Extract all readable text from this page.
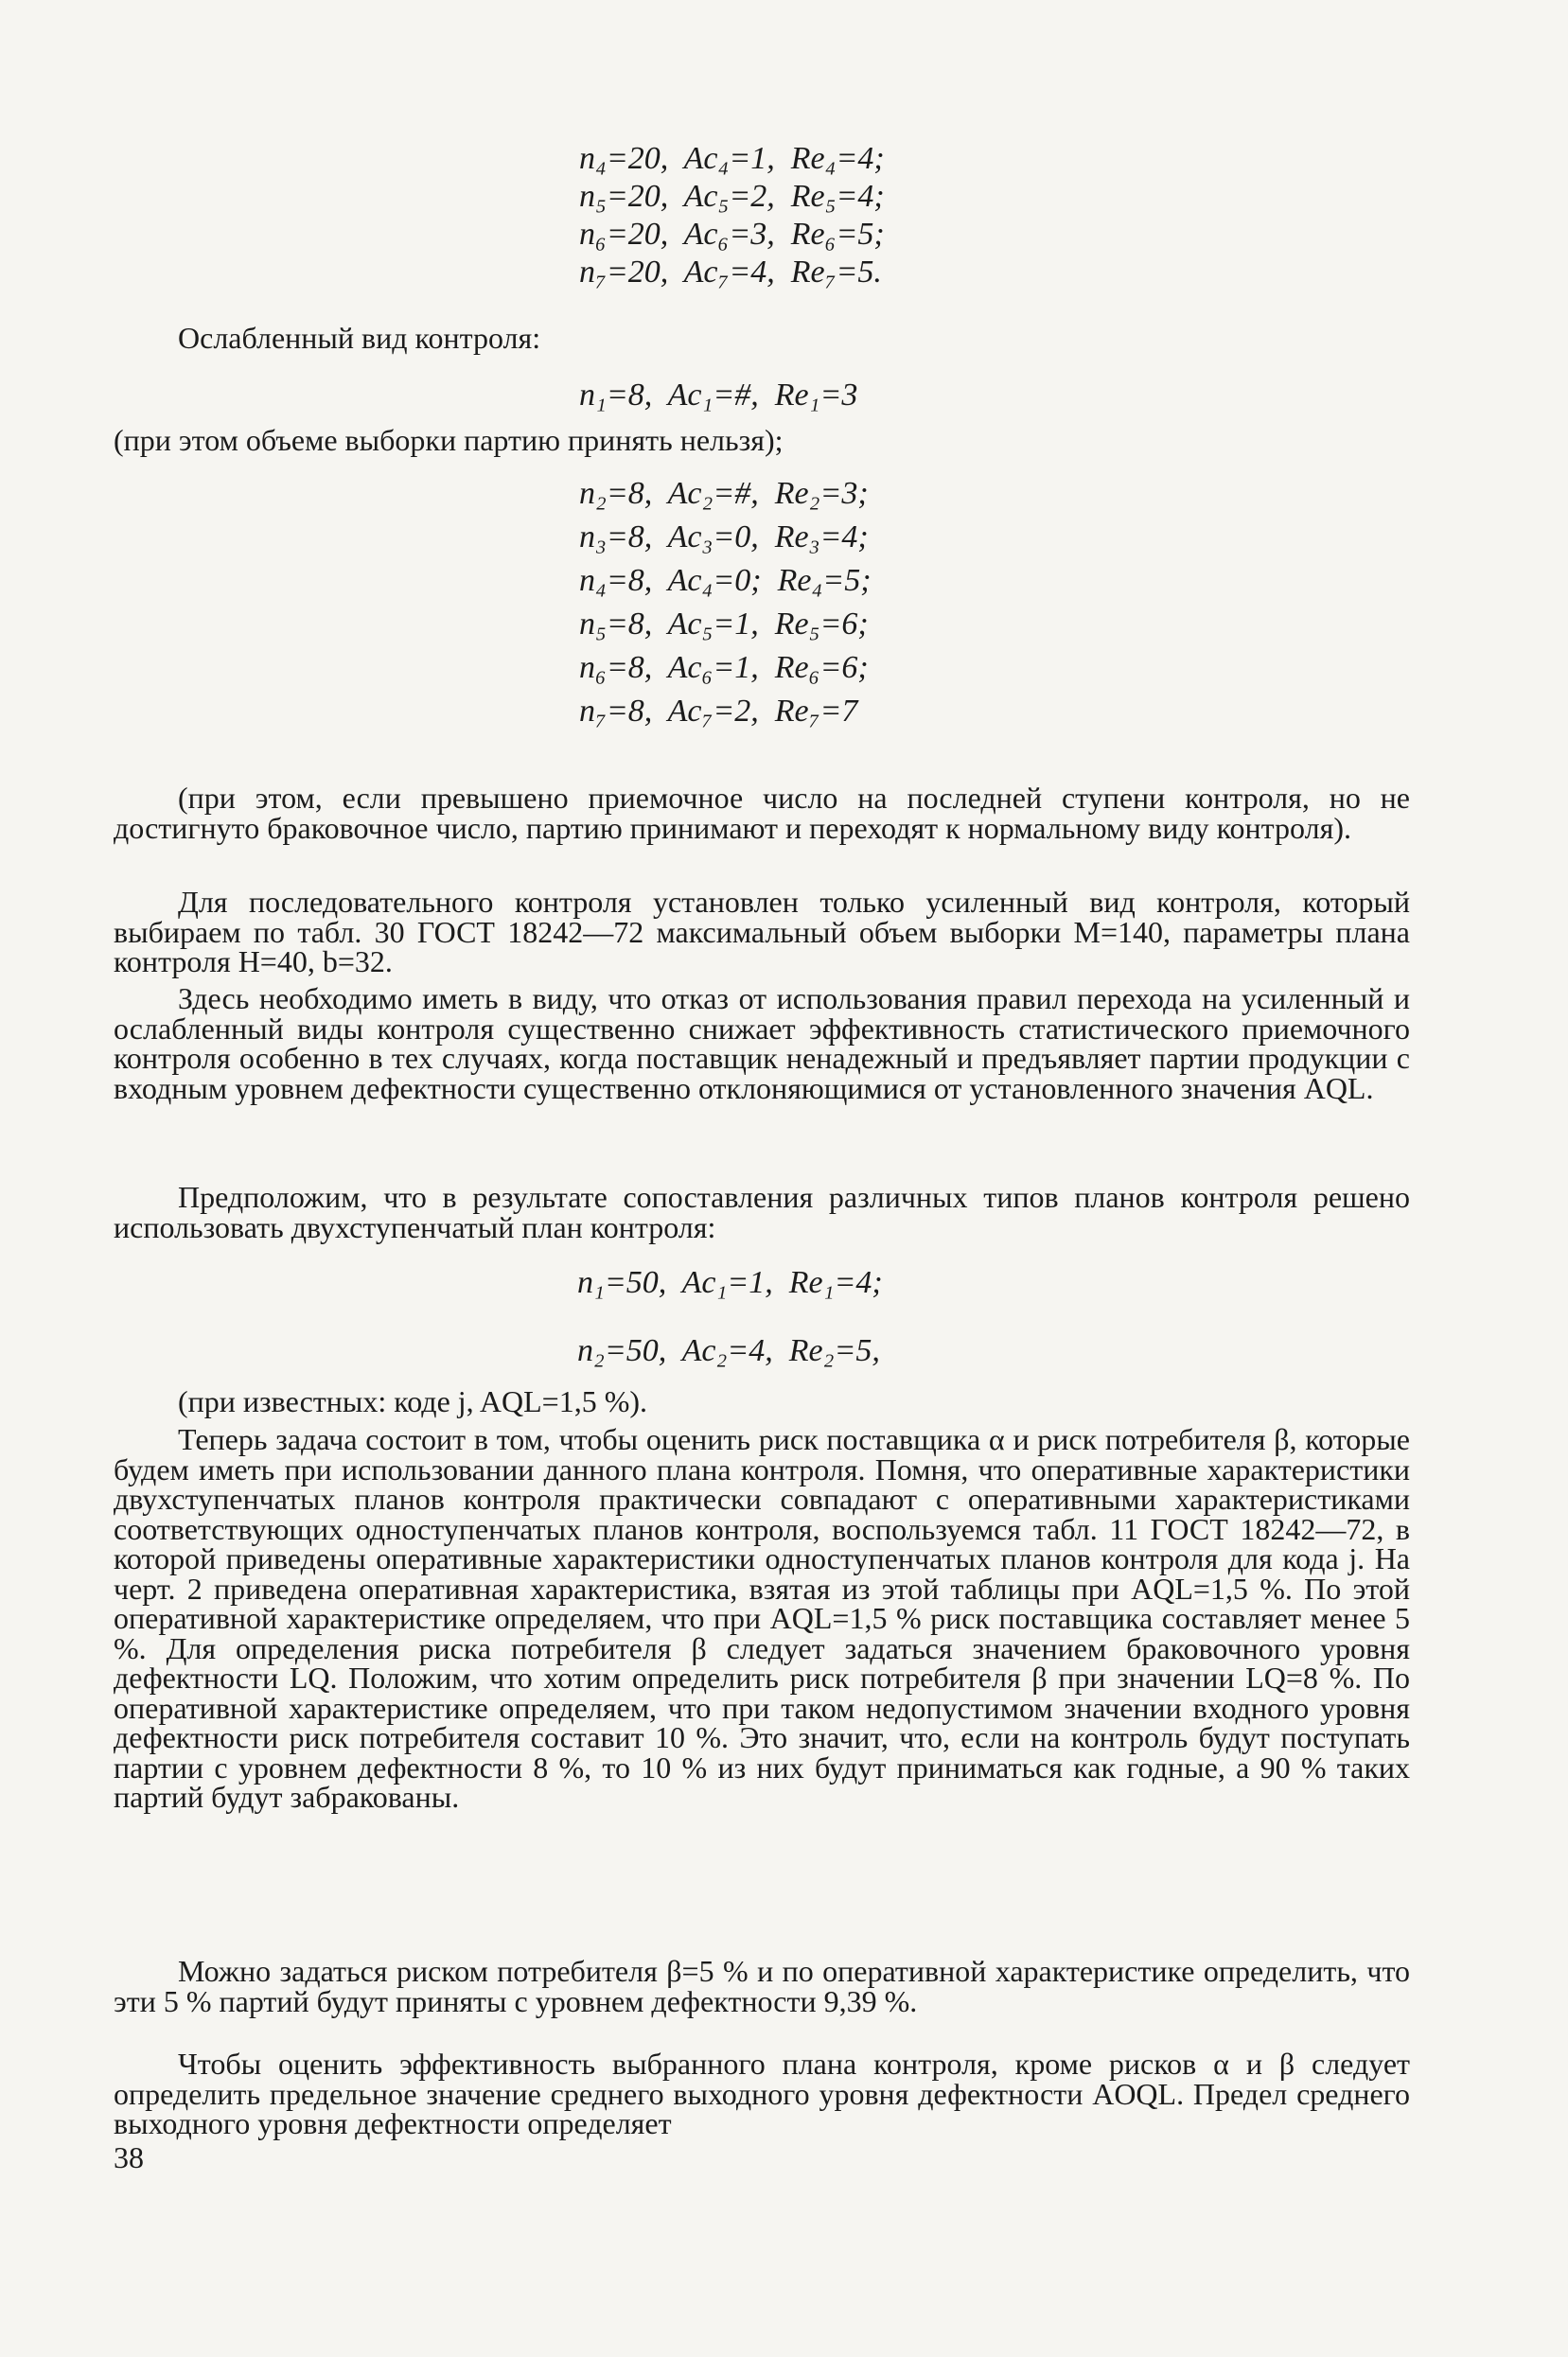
n₄=20,  Ac₄=1,  Re₄=4;
n₅=20,  Ac₅=2,  Re₅=4;
n₆=20,  Ac₆=3,  Re₆=5;
n₇=20,  Ac₇=4,  Re₇=5.
Ослабленный вид контроля:
n₁=8,  Ac₁=#,  Re₁=3
(при этом объеме выборки партию принять нельзя);
n₂=8,  Ac₂=#,  Re₂=3;
n₃=8,  Ac₃=0,  Re₃=4;
n₄=8,  Ac₄=0;  Re₄=5;
n₅=8,  Ac₅=1,  Re₅=6;
n₆=8,  Ac₆=1,  Re₆=6;
n₇=8,  Ac₇=2,  Re₇=7
(при этом, если превышено приемочное число на последней ступени контроля, но не достигнуто браковочное число, партию принимают и переходят к нормальному виду контроля).
Для последовательного контроля установлен только усиленный вид контроля, который выбираем по табл. 30 ГОСТ 18242—72 максимальный объем выборки M=140, параметры плана контроля H=40, b=32.
Здесь необходимо иметь в виду, что отказ от использования правил перехода на усиленный и ослабленный виды контроля существенно снижает эффективность статистического приемочного контроля особенно в тех случаях, когда поставщик ненадежный и предъявляет партии продукции с входным уровнем дефектности существенно отклоняющимися от установленного значения AQL.
Предположим, что в результате сопоставления различных типов планов контроля решено использовать двухступенчатый план контроля:
n₁=50,  Ac₁=1,  Re₁=4;
n₂=50,  Ac₂=4,  Re₂=5,
(при известных: коде j, AQL=1,5 %).
Теперь задача состоит в том, чтобы оценить риск поставщика α и риск потребителя β, которые будем иметь при использовании данного плана контроля. Помня, что оперативные характеристики двухступенчатых планов контроля практически совпадают с оперативными характеристиками соответствующих одноступенчатых планов контроля, воспользуемся табл. 11 ГОСТ 18242—72, в которой приведены оперативные характеристики одноступенчатых планов контроля для кода j. На черт. 2 приведена оперативная характеристика, взятая из этой таблицы при AQL=1,5 %. По этой оперативной характеристике определяем, что при AQL=1,5 % риск поставщика составляет менее 5 %. Для определения риска потребителя β следует задаться значением браковочного уровня дефектности LQ. Положим, что хотим определить риск потребителя β при значении LQ=8 %. По оперативной характеристике определяем, что при таком недопустимом значении входного уровня дефектности риск потребителя составит 10 %. Это значит, что, если на контроль будут поступать партии с уровнем дефектности 8 %, то 10 % из них будут приниматься как годные, а 90 % таких партий будут забракованы.
Можно задаться риском потребителя β=5 % и по оперативной характеристике определить, что эти 5 % партий будут приняты с уровнем дефектности 9,39 %.
Чтобы оценить эффективность выбранного плана контроля, кроме рисков α и β следует определить предельное значение среднего выходного уровня дефектности AOQL. Предел среднего выходного уровня дефектности определяет
38
